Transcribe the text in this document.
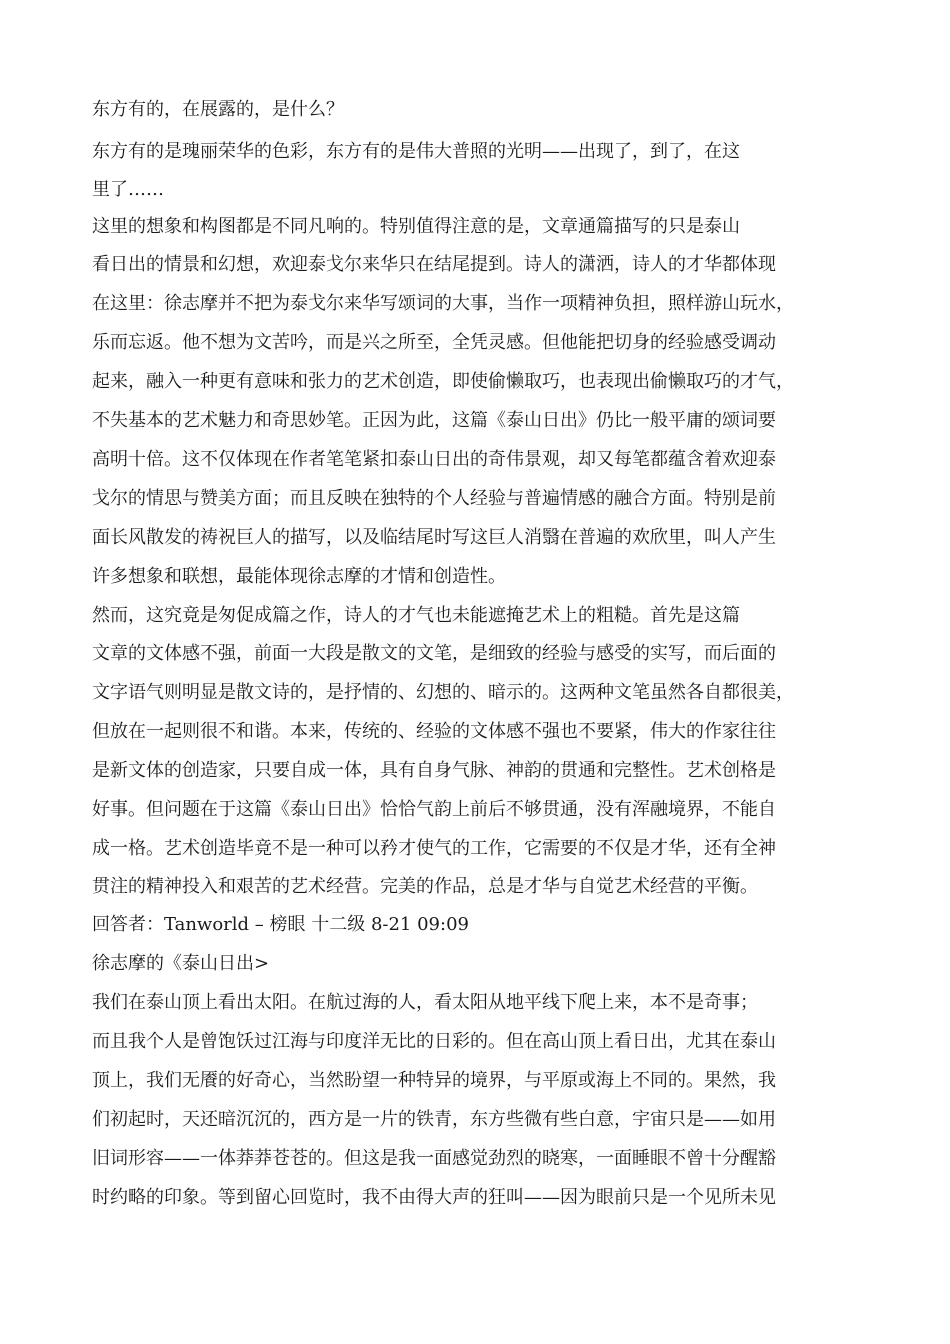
东方有的，在展露的，是什么？

东方有的是瑰丽荣华的色彩，东方有的是伟大普照的光明——出现了，到了，在这

里了……

这里的想象和构图都是不同凡响的。特别值得注意的是，文章通篇描写的只是泰山

看日出的情景和幻想，欢迎泰戈尔来华只在结尾提到。诗人的潇洒，诗人的才华都体现

在这里：徐志摩并不把为泰戈尔来华写颂词的大事，当作一项精神负担，照样游山玩水，

乐而忘返。他不想为文苦吟，而是兴之所至，全凭灵感。但他能把切身的经验感受调动

起来，融入一种更有意味和张力的艺术创造，即使偷懒取巧，也表现出偷懒取巧的才气，

不失基本的艺术魅力和奇思妙笔。正因为此，这篇《泰山日出》仍比一般平庸的颂词要

高明十倍。这不仅体现在作者笔笔紧扣泰山日出的奇伟景观，却又每笔都蕴含着欢迎泰

戈尔的情思与赞美方面；而且反映在独特的个人经验与普遍情感的融合方面。特别是前

面长风散发的祷祝巨人的描写，以及临结尾时写这巨人消翳在普遍的欢欣里，叫人产生

许多想象和联想，最能体现徐志摩的才情和创造性。

然而，这究竟是匆促成篇之作，诗人的才气也未能遮掩艺术上的粗糙。首先是这篇

文章的文体感不强，前面一大段是散文的文笔，是细致的经验与感受的实写，而后面的

文字语气则明显是散文诗的，是抒情的、幻想的、暗示的。这两种文笔虽然各自都很美，

但放在一起则很不和谐。本来，传统的、经验的文体感不强也不要紧，伟大的作家往往

是新文体的创造家，只要自成一体，具有自身气脉、神韵的贯通和完整性。艺术创格是

好事。但问题在于这篇《泰山日出》恰恰气韵上前后不够贯通，没有浑融境界，不能自

成一格。艺术创造毕竟不是一种可以矜才使气的工作，它需要的不仅是才华，还有全神

贯注的精神投入和艰苦的艺术经营。完美的作品，总是才华与自觉艺术经营的平衡。

回答者：Tanworld – 榜眼 十二级 8-21 09:09

徐志摩的《泰山日出>

我们在泰山顶上看出太阳。在航过海的人，看太阳从地平线下爬上来，本不是奇事；

而且我个人是曾饱饫过江海与印度洋无比的日彩的。但在高山顶上看日出，尤其在泰山

顶上，我们无餍的好奇心，当然盼望一种特异的境界，与平原或海上不同的。果然，我

们初起时，天还暗沉沉的，西方是一片的铁青，东方些微有些白意，宇宙只是——如用

旧词形容——一体莽莽苍苍的。但这是我一面感觉劲烈的晓寒，一面睡眼不曾十分醒豁

时约略的印象。等到留心回览时，我不由得大声的狂叫——因为眼前只是一个见所未见
